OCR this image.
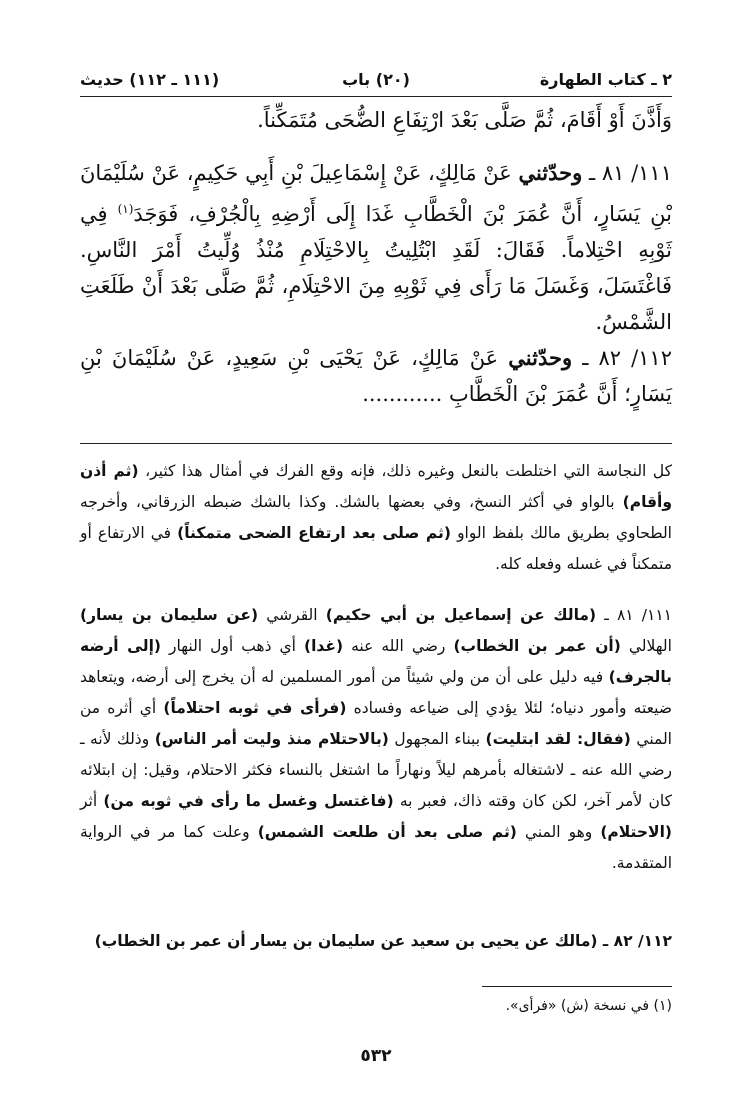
٢ ـ كتاب الطهارة
(٢٠) باب
(١١١ ـ ١١٢) حديث
وَأَذَّنَ أَوْ أَقَامَ، ثُمَّ صَلَّى بَعْدَ ارْتِفَاعِ الضُّحَى مُتَمَكِّناً.
١١١/ ٨١ ـ وحدّثني عَنْ مَالِكٍ، عَنْ إِسْمَاعِيلَ بْنِ أَبِي حَكِيمٍ، عَنْ سُلَيْمَانَ بْنِ يَسَارٍ، أَنَّ عُمَرَ بْنَ الْخَطَّابِ غَدَا إِلَى أَرْضِهِ بِالْجُرْفِ، فَوَجَدَ$^{(١)}$ فِي ثَوْبِهِ احْتِلاماً. فَقَالَ: لَقَدِ ابْتُلِيتُ بِالاحْتِلَامِ مُنْذُ وُلِّيتُ أَمْرَ النَّاسِ. فَاغْتَسَلَ، وَغَسَلَ مَا رَأَى فِي ثَوْبِهِ مِنَ الاحْتِلَامِ، ثُمَّ صَلَّى بَعْدَ أَنْ طَلَعَتِ الشَّمْسُ.
١١٢/ ٨٢ ـ وحدّثني عَنْ مَالِكٍ، عَنْ يَحْيَى بْنِ سَعِيدٍ، عَنْ سُلَيْمَانَ بْنِ يَسَارٍ؛ أَنَّ عُمَرَ بْنَ الْخَطَّابِ ............
كل النجاسة التي اختلطت بالنعل وغيره ذلك، فإنه وقع الفرك في أمثال هذا كثير، (ثم أذن وأقام) بالواو في أكثر النسخ، وفي بعضها بالشك. وكذا بالشك ضبطه الزرقاني، وأخرجه الطحاوي بطريق مالك بلفظ الواو (ثم صلى بعد ارتفاع الضحى متمكناً) في الارتفاع أو متمكناً في غسله وفعله كله.
١١١/ ٨١ ـ (مالك عن إسماعيل بن أبي حكيم) القرشي (عن سليمان بن يسار) الهلالي (أن عمر بن الخطاب) رضي الله عنه (غدا) أي ذهب أول النهار (إلى أرضه بالجرف) فيه دليل على أن من ولي شيئاً من أمور المسلمين له أن يخرج إلى أرضه، ويتعاهد ضيعته وأمور دنياه؛ لئلا يؤدي إلى ضياعه وفساده (فرأى في ثوبه احتلاماً) أي أثره من المني (فقال: لقد ابتليت) ببناء المجهول (بالاحتلام منذ وليت أمر الناس) وذلك لأنه ـ رضي الله عنه ـ لاشتغاله بأمرهم ليلاً ونهاراً ما اشتغل بالنساء فكثر الاحتلام، وقيل: إن ابتلائه كان لأمر آخر، لكن كان وقته ذاك، فعبر به (فاغتسل وغسل ما رأى في ثوبه من) أثر (الاحتلام) وهو المني (ثم صلى بعد أن طلعت الشمس) وعلت كما مر في الرواية المتقدمة.
١١٢/ ٨٢ ـ (مالك عن يحيى بن سعيد عن سليمان بن يسار أن عمر بن الخطاب)
(١) في نسخة (ش) «فرأى».
٥٣٢
